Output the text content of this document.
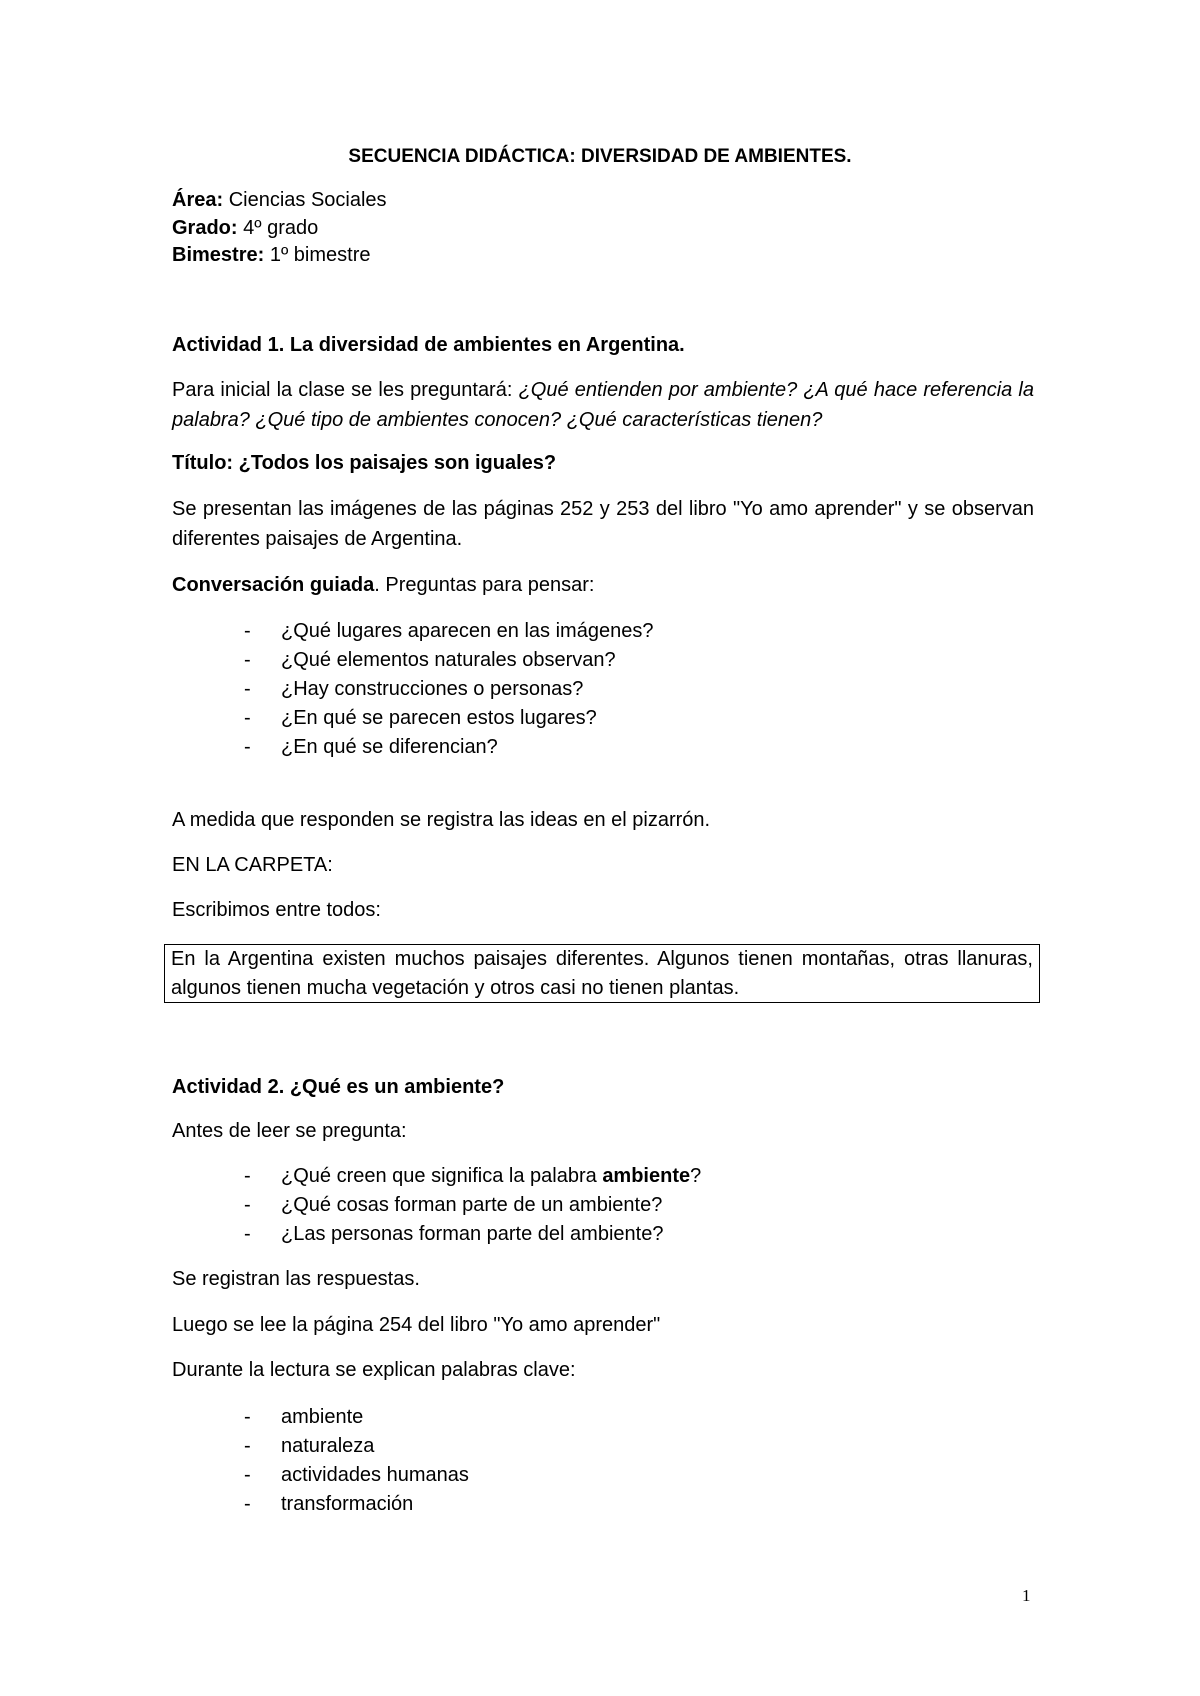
SECUENCIA DIDÁCTICA: DIVERSIDAD DE AMBIENTES.

Área: Ciencias Sociales

Grado: 4º grado

Bimestre: 1º bimestre

Actividad 1. La diversidad de ambientes en Argentina.

Para inicial la clase se les preguntará: ¿Qué entienden por ambiente? ¿A qué hace referencia la palabra? ¿Qué tipo de ambientes conocen? ¿Qué características tienen?

Título: ¿Todos los paisajes son iguales?

Se presentan las imágenes de las páginas 252 y 253 del libro "Yo amo aprender" y se observan diferentes paisajes de Argentina.

Conversación guiada. Preguntas para pensar:

- ¿Qué lugares aparecen en las imágenes?
- ¿Qué elementos naturales observan?
- ¿Hay construcciones o personas?
- ¿En qué se parecen estos lugares?
- ¿En qué se diferencian?

A medida que responden se registra las ideas en el pizarrón.

EN LA CARPETA:

Escribimos entre todos:

En la Argentina existen muchos paisajes diferentes. Algunos tienen montañas, otras llanuras, algunos tienen mucha vegetación y otros casi no tienen plantas.

Actividad 2. ¿Qué es un ambiente?

Antes de leer se pregunta:

- ¿Qué creen que significa la palabra ambiente?
- ¿Qué cosas forman parte de un ambiente?
- ¿Las personas forman parte del ambiente?

Se registran las respuestas.

Luego se lee la página 254 del libro "Yo amo aprender"

Durante la lectura se explican palabras clave:

- ambiente
- naturaleza
- actividades humanas
- transformación
1
